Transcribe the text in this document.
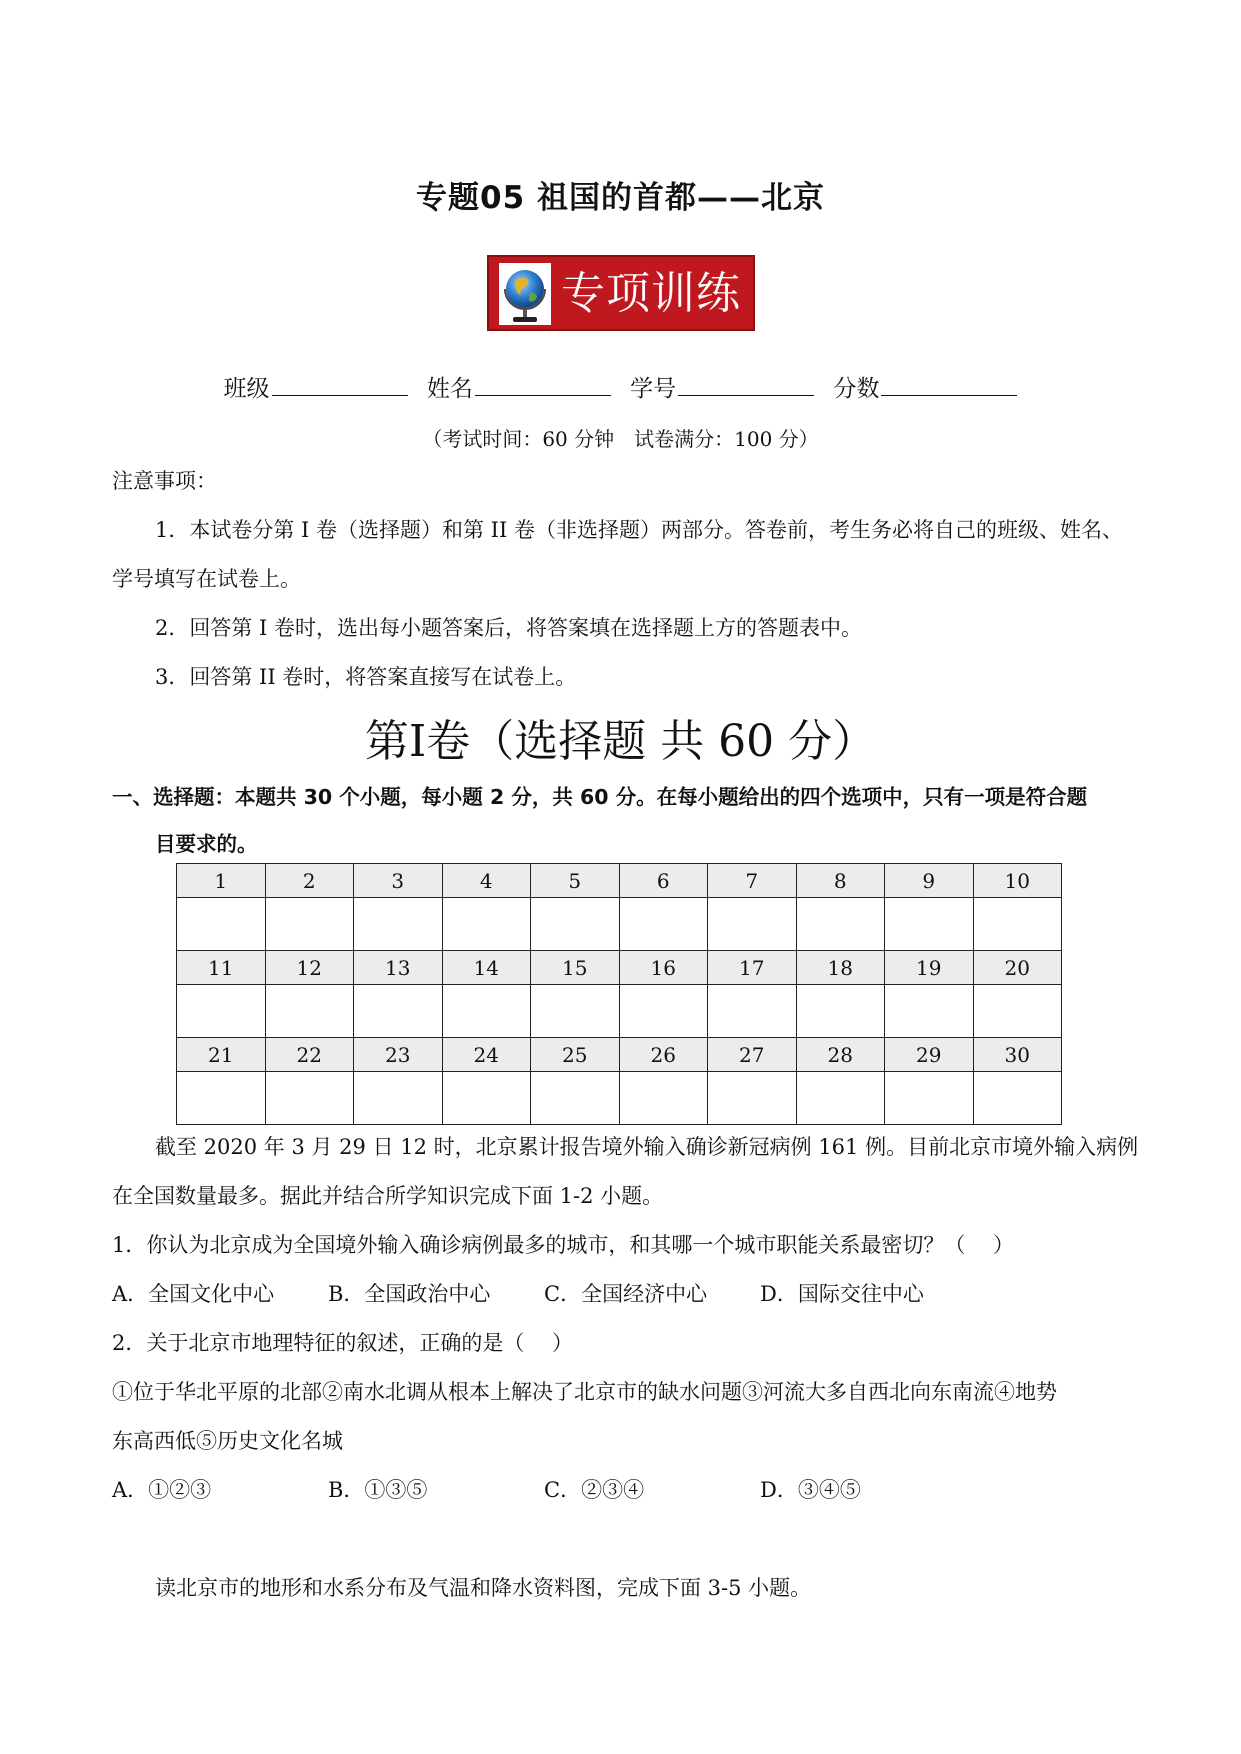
专题05 祖国的首都——北京
专项训练
班级	姓名	学号	分数
（考试时间：60 分钟　试卷满分：100 分）
注意事项：
1．本试卷分第 I 卷（选择题）和第 II 卷（非选择题）两部分。答卷前，考生务必将自己的班级、姓名、
学号填写在试卷上。
2．回答第 I 卷时，选出每小题答案后，将答案填在选择题上方的答题表中。
3．回答第 II 卷时，将答案直接写在试卷上。
第I卷（选择题 共 60 分）
一、选择题：本题共 30 个小题，每小题 2 分，共 60 分。在每小题给出的四个选项中，只有一项是符合题
目要求的。
1	2	3	4	5	6	7	8	9	10

11	12	13	14	15	16	17	18	19	20

21	22	23	24	25	26	27	28	29	30

截至 2020 年 3 月 29 日 12 时，北京累计报告境外输入确诊新冠病例 161 例。目前北京市境外输入病例
在全国数量最多。据此并结合所学知识完成下面 1-2 小题。
1．你认为北京成为全国境外输入确诊病例最多的城市，和其哪一个城市职能关系最密切？（　 ）
A．全国文化中心	B．全国政治中心	C．全国经济中心	D．国际交往中心
2．关于北京市地理特征的叙述，正确的是（　 ）
①位于华北平原的北部②南水北调从根本上解决了北京市的缺水问题③河流大多自西北向东南流④地势
东高西低⑤历史文化名城
A．①②③	B．①③⑤	C．②③④	D．③④⑤
读北京市的地形和水系分布及气温和降水资料图，完成下面 3-5 小题。
